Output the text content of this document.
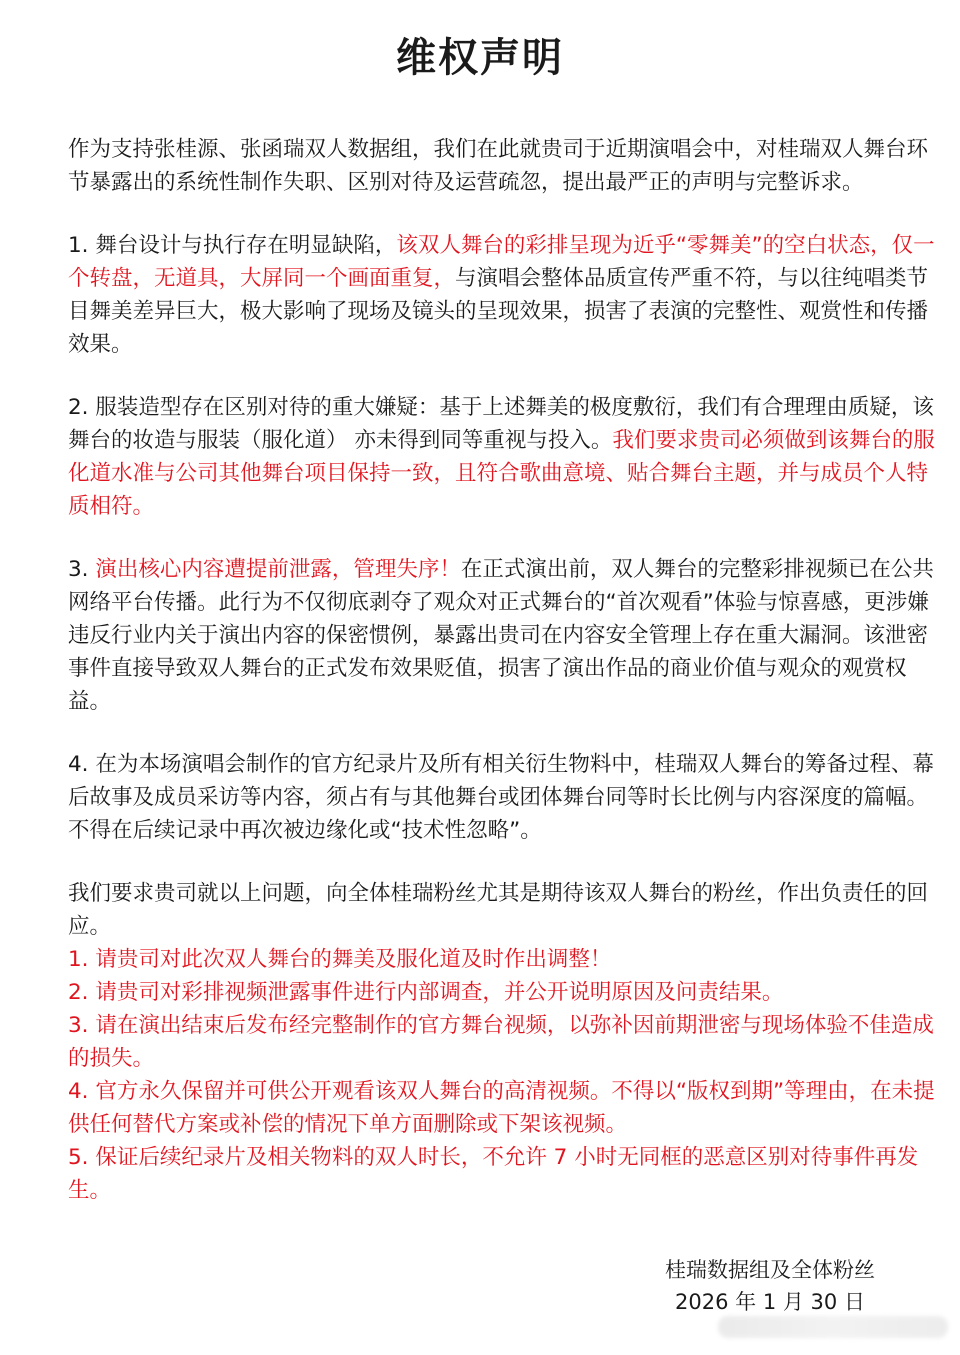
维权声明

作为支持张桂源、张函瑞双人数据组，我们在此就贵司于近期演唱会中，对桂瑞双人舞台环节暴露出的系统性制作失职、区别对待及运营疏忽，提出最严正的声明与完整诉求。

1. 舞台设计与执行存在明显缺陷，该双人舞台的彩排呈现为近乎“零舞美”的空白状态，仅一个转盘，无道具，大屏同一个画面重复，与演唱会整体品质宣传严重不符，与以往纯唱类节目舞美差异巨大，极大影响了现场及镜头的呈现效果，损害了表演的完整性、观赏性和传播效果。

2. 服装造型存在区别对待的重大嫌疑：基于上述舞美的极度敷衍，我们有合理理由质疑，该舞台的妆造与服装（服化道） 亦未得到同等重视与投入。我们要求贵司必须做到该舞台的服化道水准与公司其他舞台项目保持一致，且符合歌曲意境、贴合舞台主题，并与成员个人特质相符。

3. 演出核心内容遭提前泄露，管理失序！在正式演出前，双人舞台的完整彩排视频已在公共网络平台传播。此行为不仅彻底剥夺了观众对正式舞台的“首次观看”体验与惊喜感，更涉嫌违反行业内关于演出内容的保密惯例，暴露出贵司在内容安全管理上存在重大漏洞。该泄密事件直接导致双人舞台的正式发布效果贬值，损害了演出作品的商业价值与观众的观赏权益。

4. 在为本场演唱会制作的官方纪录片及所有相关衍生物料中，桂瑞双人舞台的筹备过程、幕后故事及成员采访等内容，须占有与其他舞台或团体舞台同等时长比例与内容深度的篇幅。不得在后续记录中再次被边缘化或“技术性忽略”。

我们要求贵司就以上问题，向全体桂瑞粉丝尤其是期待该双人舞台的粉丝，作出负责任的回应。

1. 请贵司对此次双人舞台的舞美及服化道及时作出调整！
2. 请贵司对彩排视频泄露事件进行内部调查，并公开说明原因及问责结果。
3. 请在演出结束后发布经完整制作的官方舞台视频，以弥补因前期泄密与现场体验不佳造成的损失。
4. 官方永久保留并可供公开观看该双人舞台的高清视频。不得以“版权到期”等理由，在未提供任何替代方案或补偿的情况下单方面删除或下架该视频。
5. 保证后续纪录片及相关物料的双人时长，不允许 7 小时无同框的恶意区别对待事件再发生。
桂瑞数据组及全体粉丝
2026 年 1 月 30 日
